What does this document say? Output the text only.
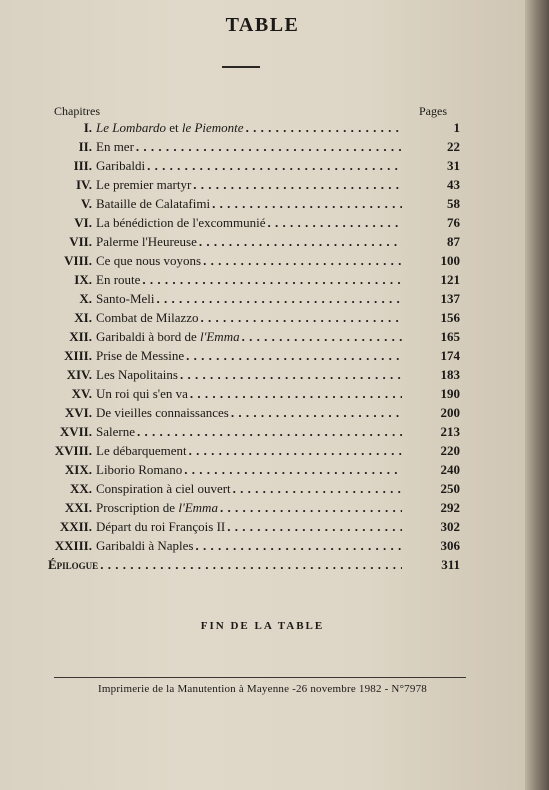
TABLE
Chapitres	Pages
I. Le Lombardo et le Piemonte . . .	1
II. En mer . . .	22
III. Garibaldi . . .	31
IV. Le premier martyr . . .	43
V. Bataille de Calatafimi . . .	58
VI. La bénédiction de l'excommunié . . .	76
VII. Palerme l'Heureuse . . .	87
VIII. Ce que nous voyons . . .	100
IX. En route . . .	121
X. Santo-Meli . . .	137
XI. Combat de Milazzo . . .	156
XII. Garibaldi à bord de l'Emma . . .	165
XIII. Prise de Messine . . .	174
XIV. Les Napolitains . . .	183
XV. Un roi qui s'en va . . .	190
XVI. De vieilles connaissances . . .	200
XVII. Salerne . . .	213
XVIII. Le débarquement . . .	220
XIX. Liborio Romano . . .	240
XX. Conspiration à ciel ouvert . . .	250
XXI. Proscription de l'Emma . . .	292
XXII. Départ du roi François II . . .	302
XXIII. Garibaldi à Naples . . .	306
Épilogue . . .	311
FIN DE LA TABLE
Imprimerie de la Manutention à Mayenne -26 novembre 1982 - N°7978
